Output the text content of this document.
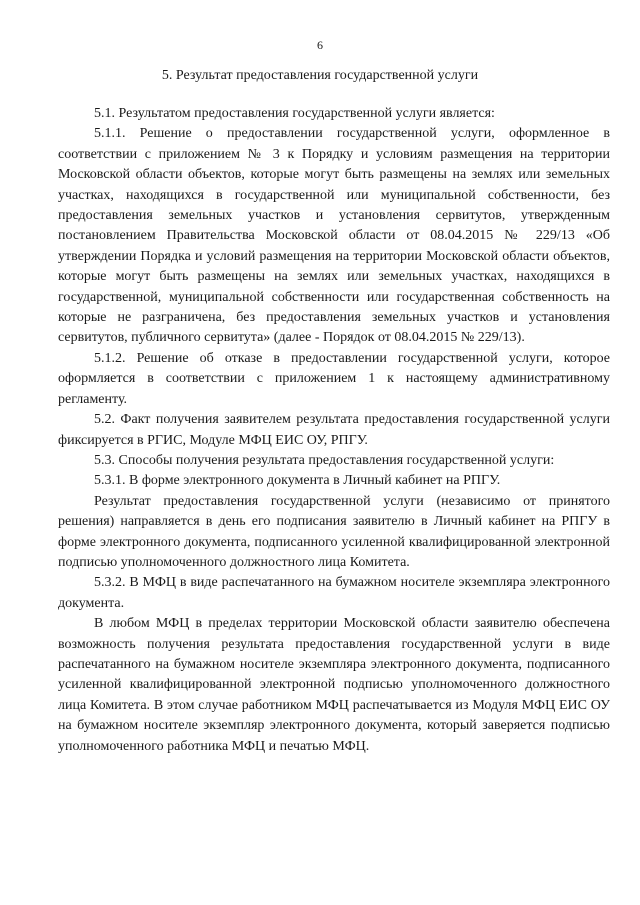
6
5. Результат предоставления государственной услуги

5.1. Результатом предоставления государственной услуги является:

5.1.1. Решение о предоставлении государственной услуги, оформленное в соответствии с приложением № 3 к Порядку и условиям размещения на территории Московской области объектов, которые могут быть размещены на землях или земельных участках, находящихся в государственной или муниципальной собственности, без предоставления земельных участков и установления сервитутов, утвержденным постановлением Правительства Московской области от 08.04.2015 № 229/13 «Об утверждении Порядка и условий размещения на территории Московской области объектов, которые могут быть размещены на землях или земельных участках, находящихся в государственной, муниципальной собственности или государственная собственность на которые не разграничена, без предоставления земельных участков и установления сервитутов, публичного сервитута» (далее - Порядок от 08.04.2015 № 229/13).

5.1.2. Решение об отказе в предоставлении государственной услуги, которое оформляется в соответствии с приложением 1 к настоящему административному регламенту.

5.2. Факт получения заявителем результата предоставления государственной услуги фиксируется в РГИС, Модуле МФЦ ЕИС ОУ, РПГУ.

5.3. Способы получения результата предоставления государственной услуги:

5.3.1. В форме электронного документа в Личный кабинет на РПГУ.

Результат предоставления государственной услуги (независимо от принятого решения) направляется в день его подписания заявителю в Личный кабинет на РПГУ в форме электронного документа, подписанного усиленной квалифицированной электронной подписью уполномоченного должностного лица Комитета.

5.3.2. В МФЦ в виде распечатанного на бумажном носителе экземпляра электронного документа.

В любом МФЦ в пределах территории Московской области заявителю обеспечена возможность получения результата предоставления государственной услуги в виде распечатанного на бумажном носителе экземпляра электронного документа, подписанного усиленной квалифицированной электронной подписью уполномоченного должностного лица Комитета. В этом случае работником МФЦ распечатывается из Модуля МФЦ ЕИС ОУ на бумажном носителе экземпляр электронного документа, который заверяется подписью уполномоченного работника МФЦ и печатью МФЦ.
